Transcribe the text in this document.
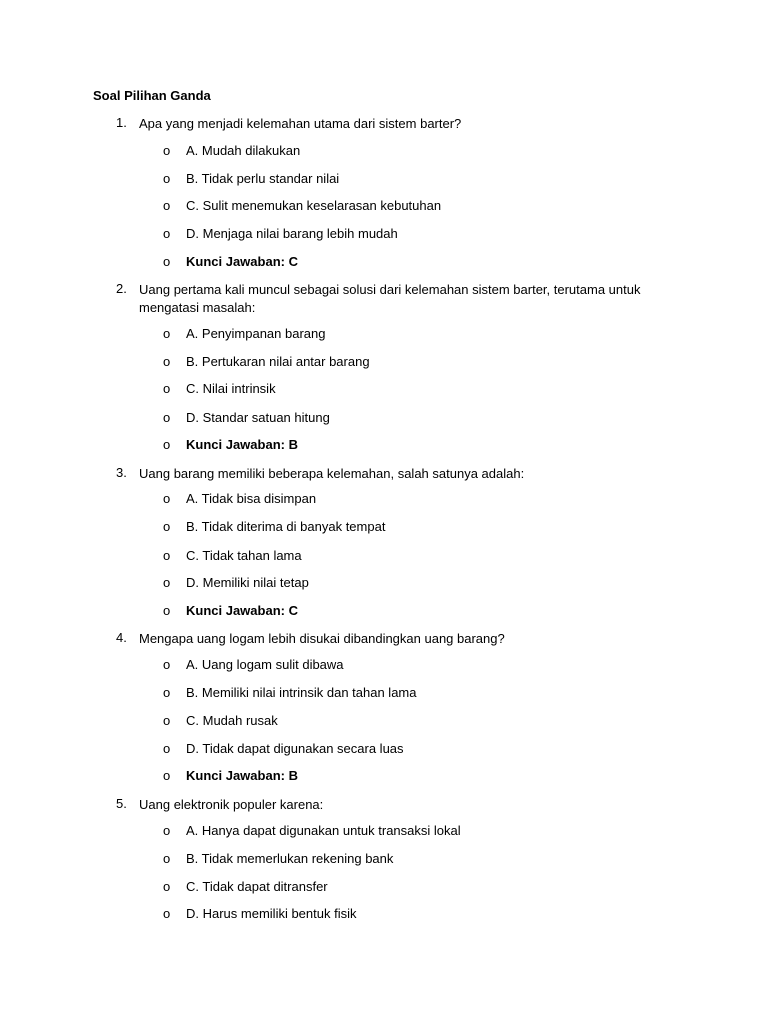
Soal Pilihan Ganda
1. Apa yang menjadi kelemahan utama dari sistem barter?
o A. Mudah dilakukan
o B. Tidak perlu standar nilai
o C. Sulit menemukan keselarasan kebutuhan
o D. Menjaga nilai barang lebih mudah
o Kunci Jawaban: C
2. Uang pertama kali muncul sebagai solusi dari kelemahan sistem barter, terutama untuk mengatasi masalah:
o A. Penyimpanan barang
o B. Pertukaran nilai antar barang
o C. Nilai intrinsik
o D. Standar satuan hitung
o Kunci Jawaban: B
3. Uang barang memiliki beberapa kelemahan, salah satunya adalah:
o A. Tidak bisa disimpan
o B. Tidak diterima di banyak tempat
o C. Tidak tahan lama
o D. Memiliki nilai tetap
o Kunci Jawaban: C
4. Mengapa uang logam lebih disukai dibandingkan uang barang?
o A. Uang logam sulit dibawa
o B. Memiliki nilai intrinsik dan tahan lama
o C. Mudah rusak
o D. Tidak dapat digunakan secara luas
o Kunci Jawaban: B
5. Uang elektronik populer karena:
o A. Hanya dapat digunakan untuk transaksi lokal
o B. Tidak memerlukan rekening bank
o C. Tidak dapat ditransfer
o D. Harus memiliki bentuk fisik
